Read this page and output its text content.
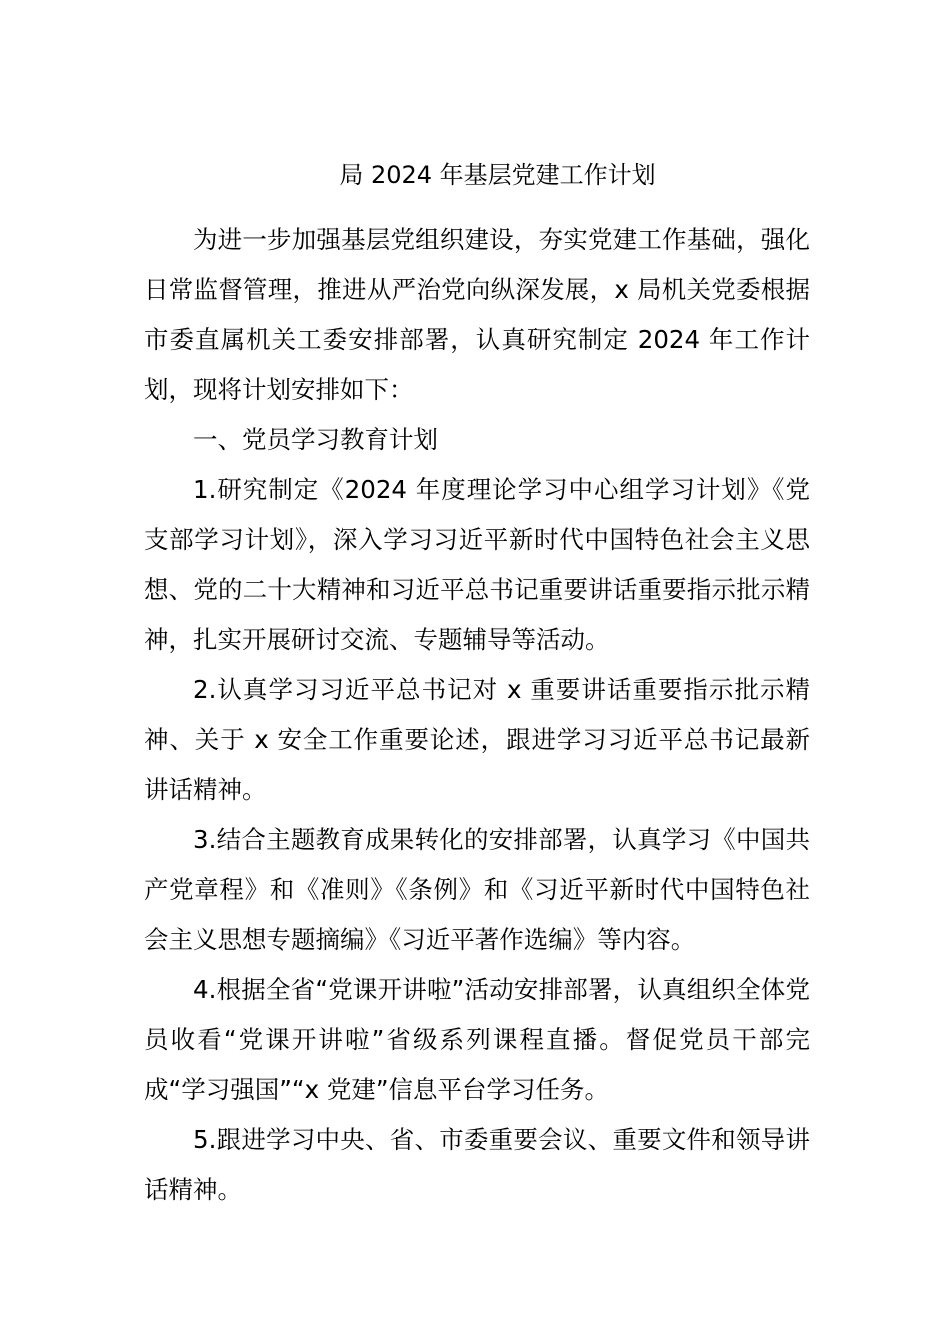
局 2024 年基层党建工作计划

为进一步加强基层党组织建设，夯实党建工作基础，强化日常监督管理，推进从严治党向纵深发展，x 局机关党委根据市委直属机关工委安排部署，认真研究制定 2024 年工作计划，现将计划安排如下：

一、党员学习教育计划

1.研究制定《2024 年度理论学习中心组学习计划》《党支部学习计划》，深入学习习近平新时代中国特色社会主义思想、党的二十大精神和习近平总书记重要讲话重要指示批示精神，扎实开展研讨交流、专题辅导等活动。

2.认真学习习近平总书记对 x 重要讲话重要指示批示精神、关于 x 安全工作重要论述，跟进学习习近平总书记最新讲话精神。

3.结合主题教育成果转化的安排部署，认真学习《中国共产党章程》和《准则》《条例》和《习近平新时代中国特色社会主义思想专题摘编》《习近平著作选编》等内容。

4.根据全省“党课开讲啦”活动安排部署，认真组织全体党员收看“党课开讲啦”省级系列课程直播。督促党员干部完成“学习强国”“x 党建”信息平台学习任务。

5.跟进学习中央、省、市委重要会议、重要文件和领导讲话精神。
